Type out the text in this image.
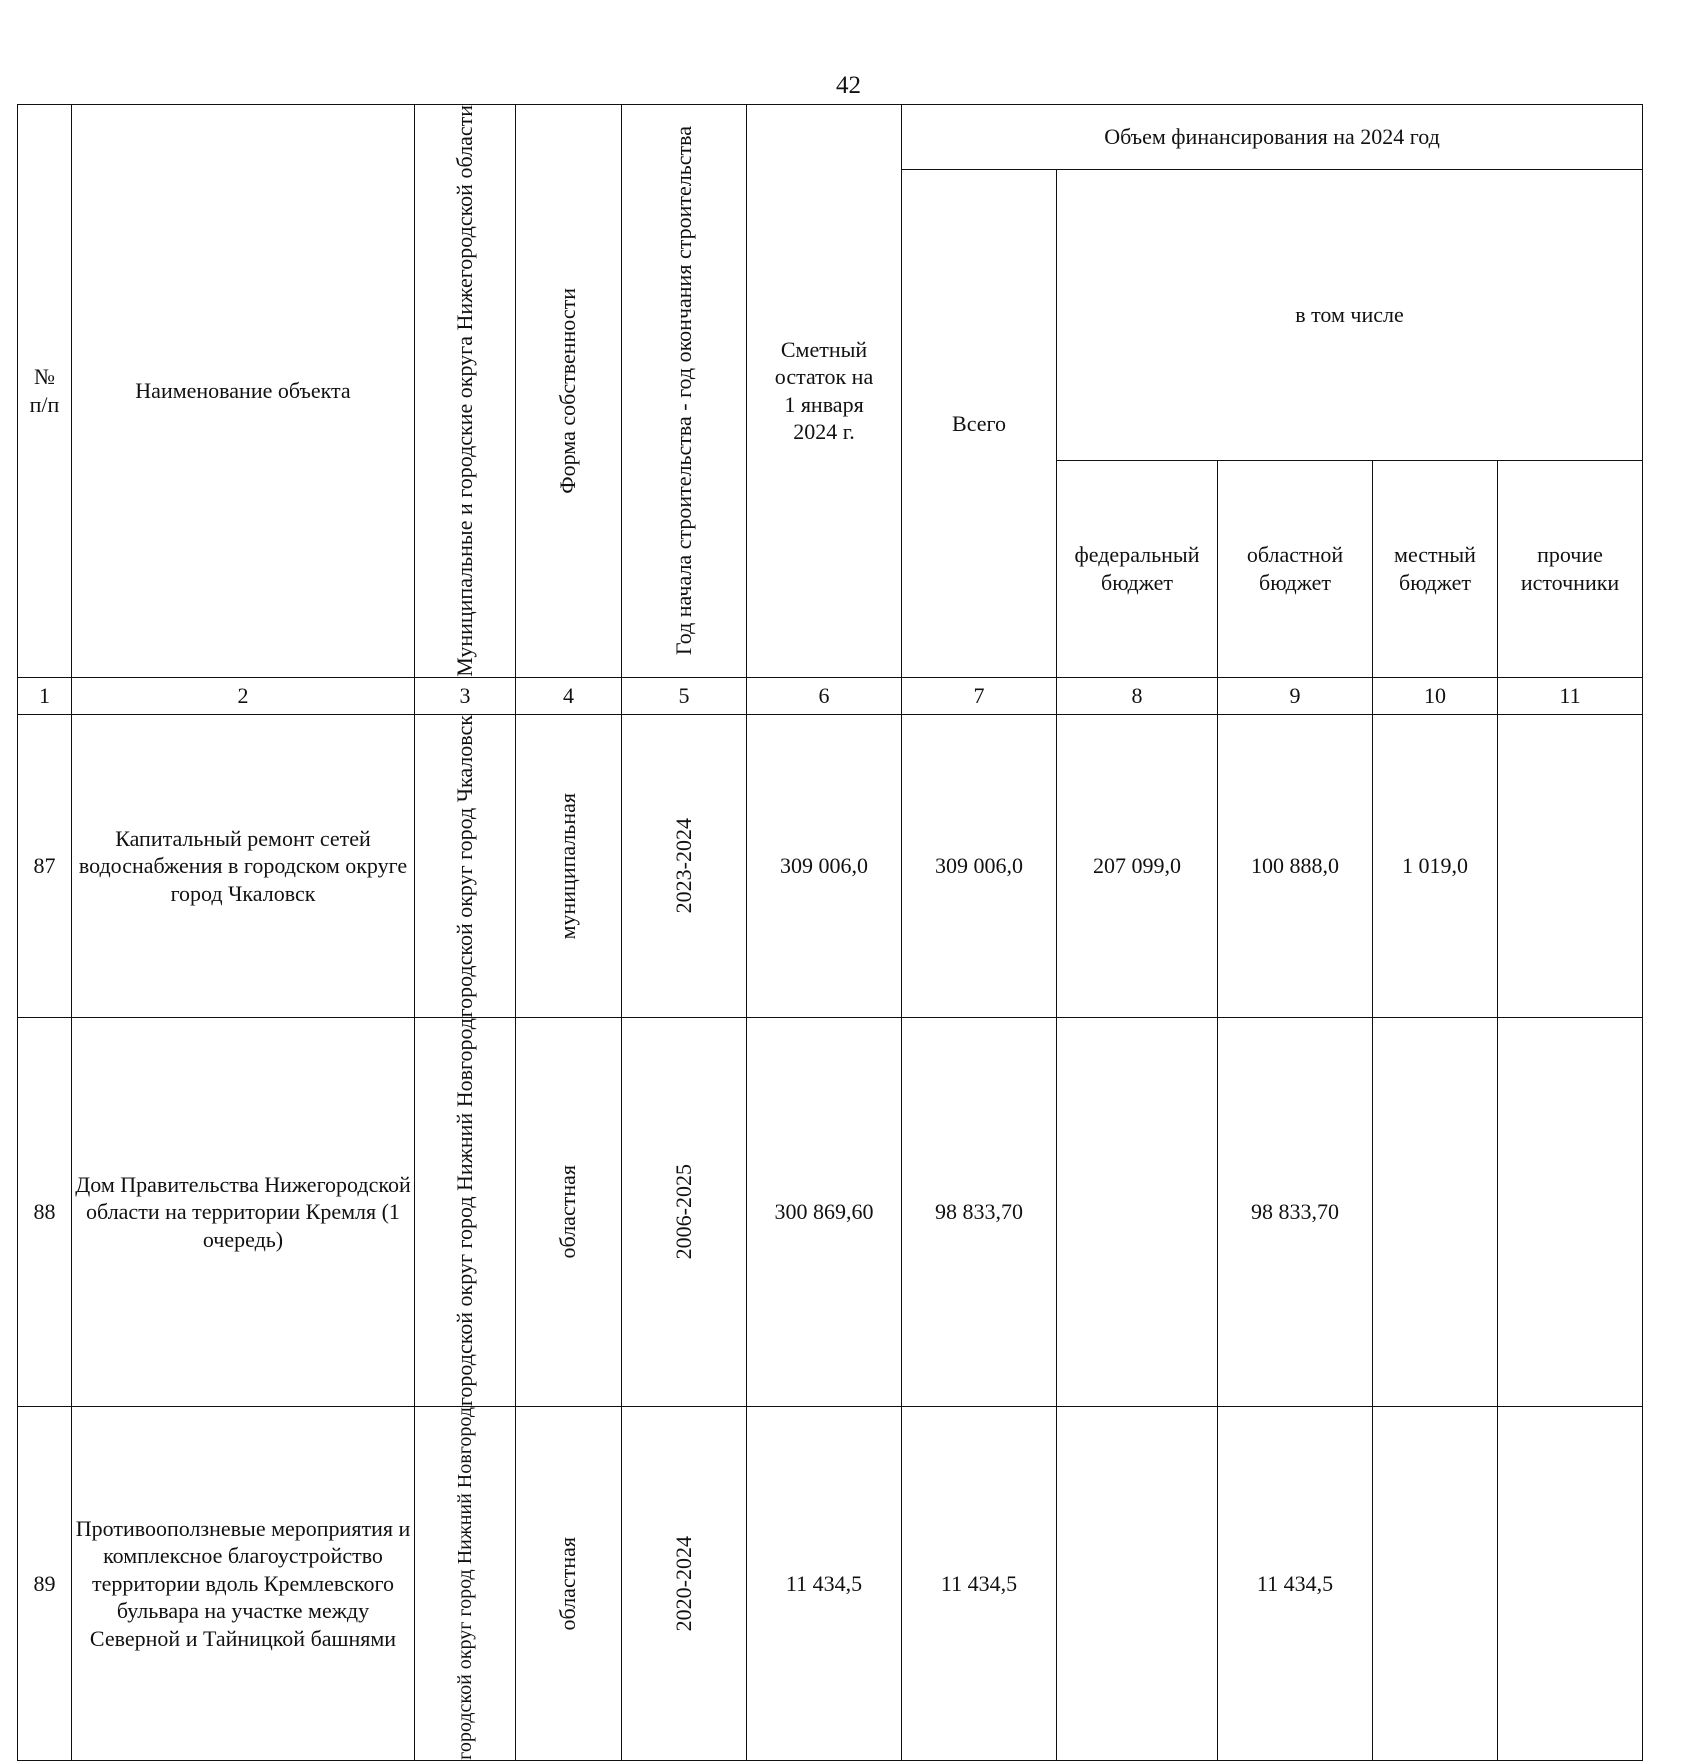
42
№
п/п	Наименование объекта	Муниципальные и городские округа Нижегородской области	Форма собственности	Год начала строительства - год окончания строительства	Сметный
остаток на
1 января
2024 г.	Объем финансирования на 2024 год				
						Всего	в том числе			
							федеральный
бюджет	областной
бюджет	местный
бюджет	прочие
источники
1	2	3	4	5	6	7	8	9	10	11
87	Капитальный ремонт сетей водоснабжения в городском округе город Чкаловск	городской округ город Чкаловск	муниципальная	2023-2024	309 006,0	309 006,0	207 099,0	100 888,0	1 019,0	
88	Дом Правительства Нижегородской области на территории Кремля (1 очередь)	городской округ город Нижний Новгород	областная	2006-2025	300 869,60	98 833,70		98 833,70		
89	Противооползневые мероприятия и комплексное благоустройство территории вдоль Кремлевского бульвара на участке между Северной и Тайницкой башнями	городской округ город Нижний Новгород	областная	2020-2024	11 434,5	11 434,5		11 434,5		
